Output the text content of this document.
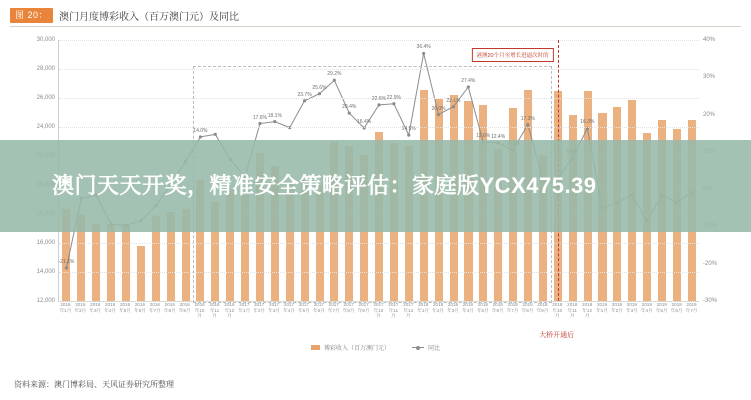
图 20：	澳门月度博彩收入（百万澳门元）及同比
12,000
14,000
16,000
24,000
26,000
28,000
30,000
-30%
-20%
20%
30%
40%
-21.1%
14.0%
17.6% 18.1%
23.7%
25.6%
29.2%
20.4%
16.4%
22.6% 22.9%
14.5%
36.4%
20.0%
22.1%
27.4%
12.6% 12.4%
17.3%
16.3%
港澳20个月至增长进逼次时的
2016年1月
2016年2月
2016年3月
2016年4月
2016年5月
2016年6月
2016年7月
2016年8月
2016年9月
2016年10月
2016年11月
2016年12月
2017年1月
2017年2月
2017年3月
2017年4月
2017年5月
2017年6月
2017年7月
2017年8月
2017年9月
2017年10月
2017年11月
2017年12月
2018年1月
2018年2月
2018年3月
2018年4月
2018年5月
2018年6月
2018年7月
2018年8月
2018年9月
2018年10月
2018年11月
2018年12月
2019年1月
2019年2月
2019年3月
2019年4月
2019年5月
2019年6月
2019年7月
博彩收入（百万澳门元）	同比
大桥开通后
资料来源：澳门博彩局、天风证券研究所整理
澳门天天开奖，精准安全策略评估：家庭版YCX475.39
